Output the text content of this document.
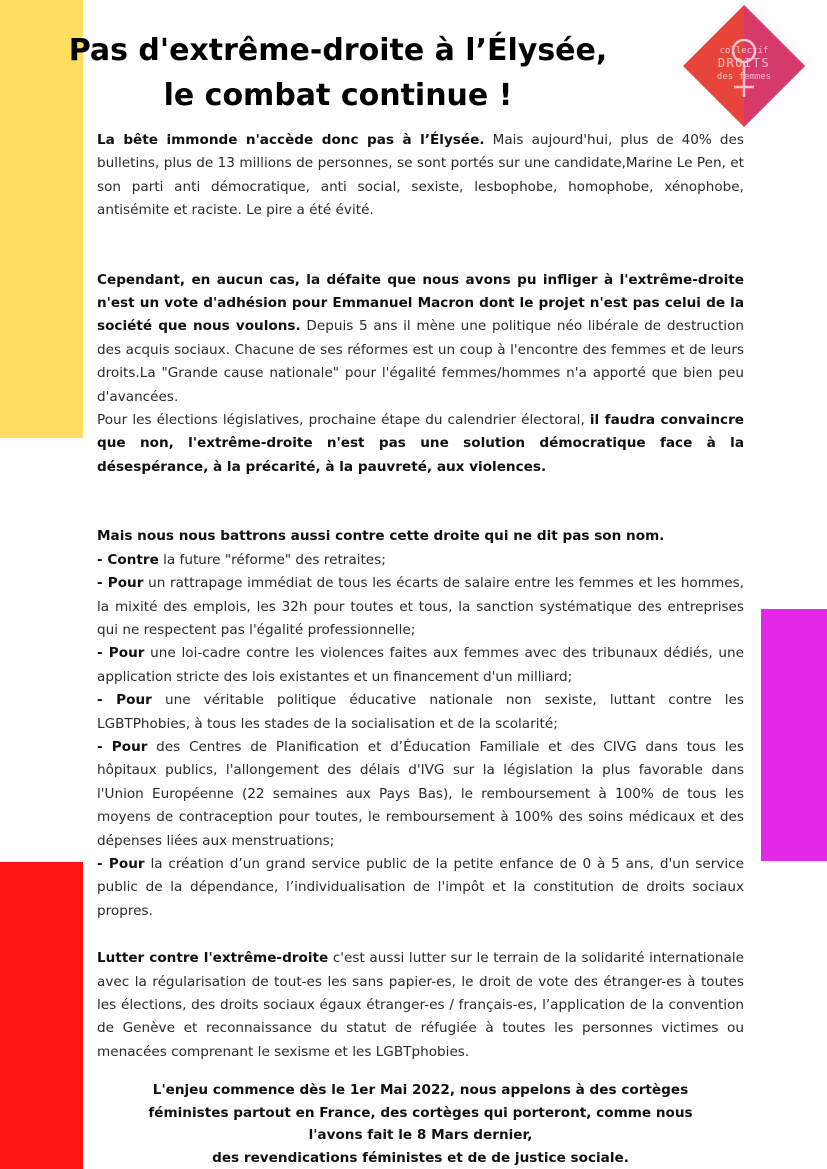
Pas d'extrême-droite à l’Élysée,
le combat continue !
collectif
DROITS
des femmes

La bête immonde n'accède donc pas à l’Élysée. Mais aujourd'hui, plus de 40% des bulletins, plus de 13 millions de personnes, se sont portés sur une candidate,Marine Le Pen, et son parti anti démocratique, anti social, sexiste, lesbophobe, homophobe, xénophobe, antisémite et raciste. Le pire a été évité.

Cependant, en aucun cas, la défaite que nous avons pu infliger à l'extrême-droite n'est un vote d'adhésion pour Emmanuel Macron dont le projet n'est pas celui de la société que nous voulons. Depuis 5 ans il mène une politique néo libérale de destruction des acquis sociaux. Chacune de ses réformes est un coup à l'encontre des femmes et de leurs droits.La "Grande cause nationale" pour l'égalité femmes/hommes n'a apporté que bien peu d'avancées.

Pour les élections législatives, prochaine étape du calendrier électoral, il faudra convaincre que non, l'extrême-droite n'est pas une solution démocratique face à la désespérance, à la précarité, à la pauvreté, aux violences.

Mais nous nous battrons aussi contre cette droite qui ne dit pas son nom.

- Contre la future "réforme" des retraites;

- Pour un rattrapage immédiat de tous les écarts de salaire entre les femmes et les hommes, la mixité des emplois, les 32h pour toutes et tous, la sanction systématique des entreprises qui ne respectent pas l'égalité professionnelle;

- Pour une loi-cadre contre les violences faites aux femmes avec des tribunaux dédiés, une application stricte des lois existantes et un financement d'un milliard;

- Pour une véritable politique éducative nationale non sexiste, luttant contre les LGBTPhobies, à tous les stades de la socialisation et de la scolarité;

- Pour des Centres de Planification et d’Éducation Familiale et des CIVG dans tous les hôpitaux publics, l'allongement des délais d'IVG sur la législation la plus favorable dans l'Union Européenne (22 semaines aux Pays Bas), le remboursement à 100% de tous les moyens de contraception pour toutes, le remboursement à 100% des soins médicaux et des dépenses liées aux menstruations;

- Pour la création d’un grand service public de la petite enfance de 0 à 5 ans, d'un service public de la dépendance, l’individualisation de l'impôt et la constitution de droits sociaux propres.

Lutter contre l'extrême-droite c'est aussi lutter sur le terrain de la solidarité internationale avec la régularisation de tout-es les sans papier-es, le droit de vote des étranger-es à toutes les élections, des droits sociaux égaux étranger-es / français-es, l’application de la convention de Genève et reconnaissance du statut de réfugiée à toutes les personnes victimes ou menacées comprenant le sexisme et les LGBTphobies.

L'enjeu commence dès le 1er Mai 2022, nous appelons à des cortèges
féministes partout en France, des cortèges qui porteront, comme nous
l'avons fait le 8 Mars dernier,
des revendications féministes et de de justice sociale.
